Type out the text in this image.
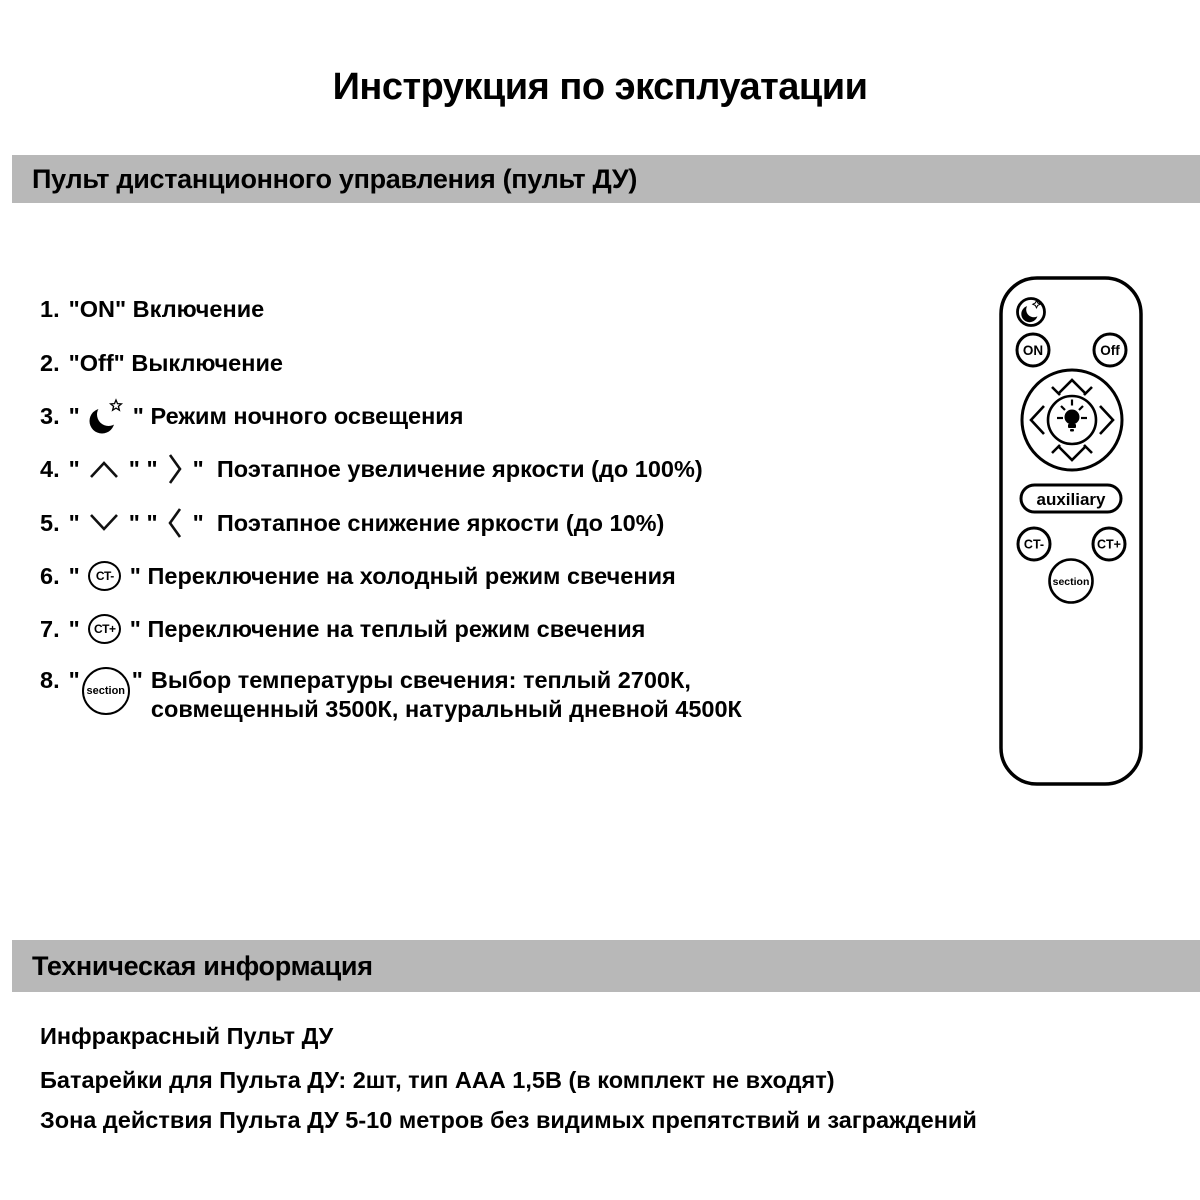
Инструкция по эксплуатации
Пульт дистанционного управления (пульт ДУ)
1. "ON" Включение
2. "Off" Выключение
3. " " Режим ночного освещения
4. " " " "  Поэтапное увеличение яркости (до 100%)
5. " " " "  Поэтапное снижение яркости (до 10%)
6. " CT- " Переключение на холодный режим свечения
7. " CT+ " Переключение на теплый режим свечения
8. " section " Выбор температуры свечения: теплый 2700К,
совмещенный 3500К, натуральный дневной 4500К
ON	Off
auxiliary
CT-	CT+
section
Техническая информация
Инфракрасный Пульт ДУ
Батарейки для Пульта ДУ: 2шт, тип ААА 1,5В (в комплект не входят)
Зона действия Пульта ДУ 5-10 метров без видимых препятствий и заграждений
